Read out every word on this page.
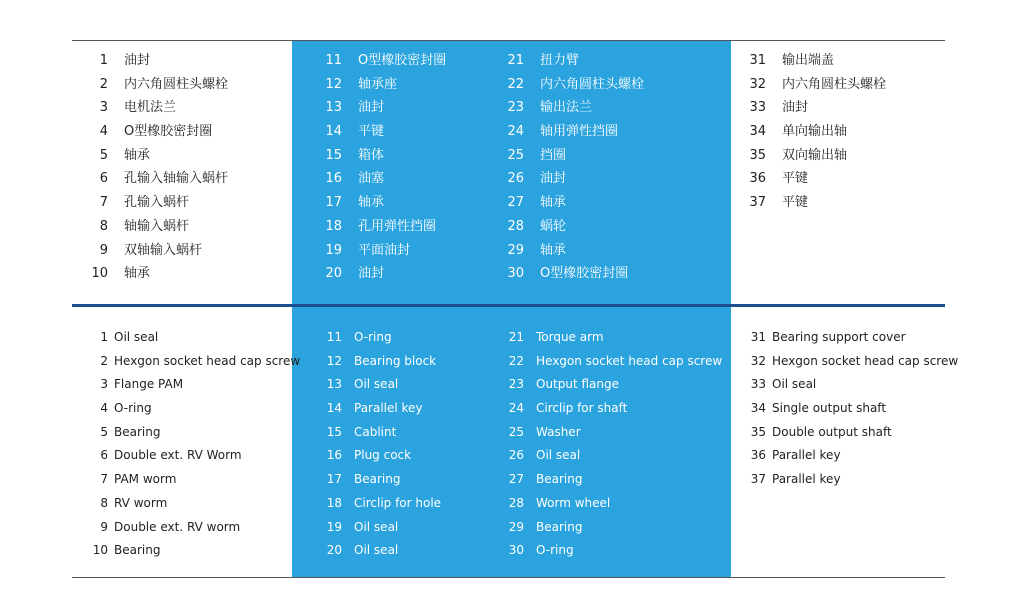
1 油封
2 内六角圆柱头螺栓
3 电机法兰
4 O型橡胶密封圈
5 轴承
6 孔输入轴输入蜗杆
7 孔输入蜗杆
8 轴输入蜗杆
9 双轴输入蜗杆
10 轴承
11 O型橡胶密封圈
12 轴承座
13 油封
14 平键
15 箱体
16 油塞
17 轴承
18 孔用弹性挡圈
19 平面油封
20 油封
21 扭力臂
22 内六角圆柱头螺栓
23 输出法兰
24 轴用弹性挡圈
25 挡圈
26 油封
27 轴承
28 蜗轮
29 轴承
30 O型橡胶密封圈
31 输出端盖
32 内六角圆柱头螺栓
33 油封
34 单向输出轴
35 双向输出轴
36 平键
37 平键
1 Oil seal
2 Hexgon socket head cap screw
3 Flange PAM
4 O-ring
5 Bearing
6 Double ext. RV Worm
7 PAM worm
8 RV worm
9 Double ext. RV worm
10 Bearing
11 O-ring
12 Bearing block
13 Oil seal
14 Parallel key
15 Cablint
16 Plug cock
17 Bearing
18 Circlip for hole
19 Oil seal
20 Oil seal
21 Torque arm
22 Hexgon socket head cap screw
23 Output flange
24 Circlip for shaft
25 Washer
26 Oil seal
27 Bearing
28 Worm wheel
29 Bearing
30 O-ring
31 Bearing support cover
32 Hexgon socket head cap screw
33 Oil seal
34 Single output shaft
35 Double output shaft
36 Parallel key
37 Parallel key
